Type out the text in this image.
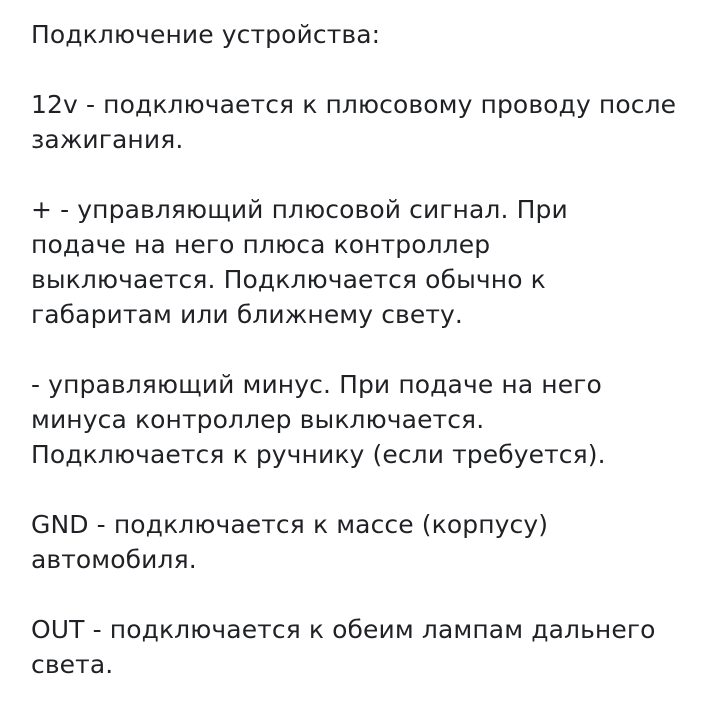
Подключение устройства:
12v - подключается к плюсовому проводу после
зажигания.
+ - управляющий плюсовой сигнал. При
подаче на него плюса контроллер
выключается. Подключается обычно к
габаритам или ближнему свету.
- управляющий минус. При подаче на него
минуса контроллер выключается.
Подключается к ручнику (если требуется).
GND - подключается к массе (корпусу)
автомобиля.
OUT - подключается к обеим лампам дальнего
света.
